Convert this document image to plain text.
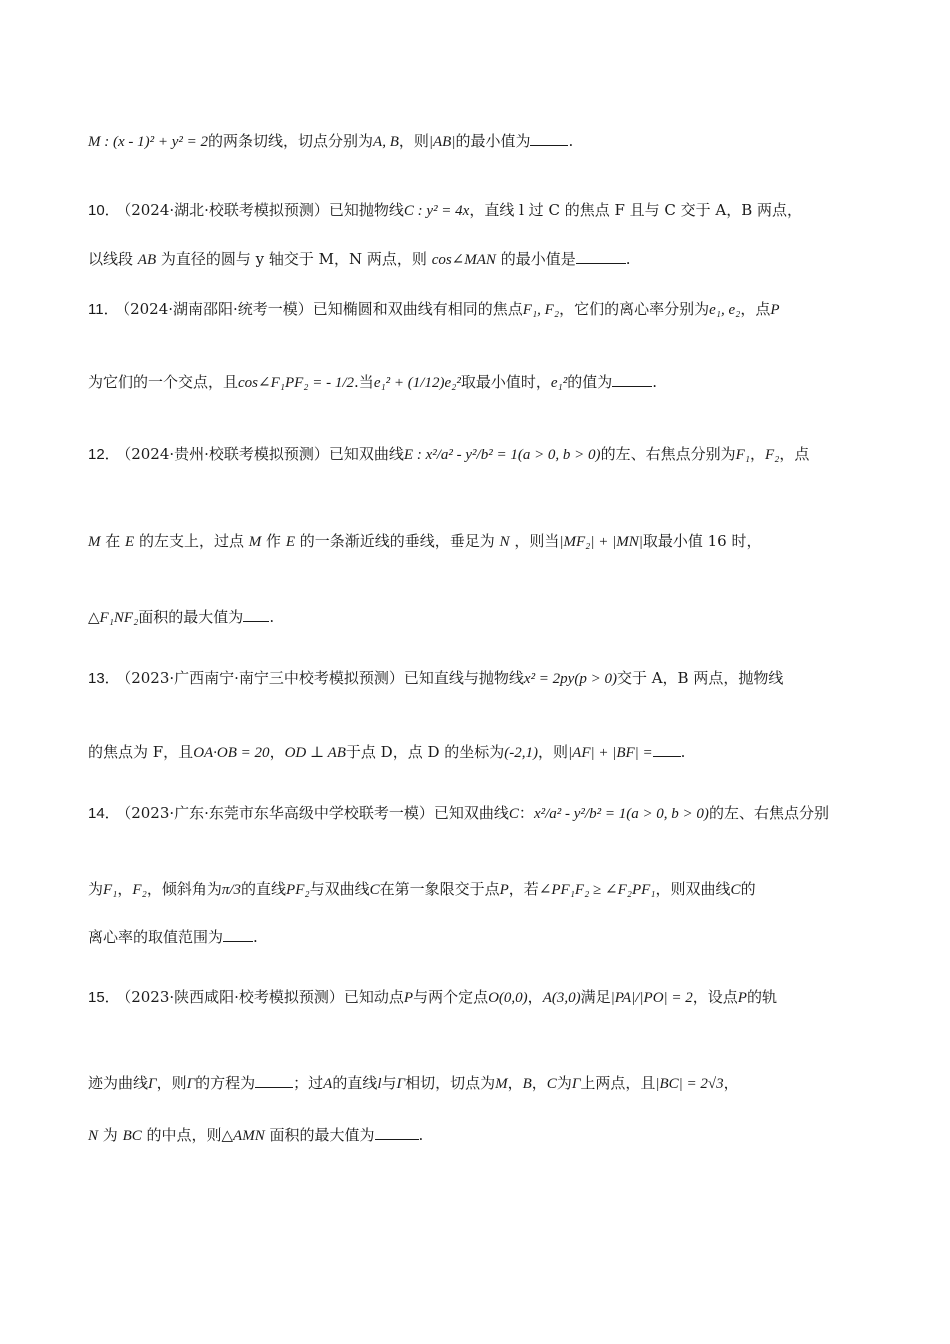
M : (x - 1)² + y² = 2的两条切线，切点分别为A, B，则|AB|的最小值为	.
10． （2024·湖北·校联考模拟预测）已知抛物线C : y² = 4x，直线 l 过 C 的焦点 F 且与 C 交于 A，B 两点，
以线段 AB 为直径的圆与 y 轴交于 M，N 两点，则 cos∠MAN 的最小值是	.
11． （2024·湖南邵阳·统考一模）已知椭圆和双曲线有相同的焦点F₁, F₂，它们的离心率分别为e₁, e₂，点P
为它们的一个交点，且cos∠F₁PF₂ = - 1/2.当e₁² + (1/12)e₂²取最小值时，e₁²的值为	.
12． （2024·贵州·校联考模拟预测）已知双曲线E : x²/a² - y²/b² = 1(a > 0, b > 0)的左、右焦点分别为F₁，F₂，点
M 在 E 的左支上，过点 M 作 E 的一条渐近线的垂线，垂足为 N ，则当|MF₂| + |MN|取最小值 16 时，
△F₁NF₂面积的最大值为 .
13． （2023·广西南宁·南宁三中校考模拟预测）已知直线与抛物线x² = 2py(p > 0)交于 A，B 两点，抛物线
的焦点为 F，且OA·OB = 20，OD ⊥ AB于点 D，点 D 的坐标为(-2,1)，则|AF| + |BF| = .
14． （2023·广东·东莞市东华高级中学校联考一模）已知双曲线C：x²/a² - y²/b² = 1(a > 0, b > 0)的左、右焦点分别
为F₁，F₂，倾斜角为π/3的直线PF₂与双曲线C在第一象限交于点P，若∠PF₁F₂ ≥ ∠F₂PF₁，则双曲线C的
离心率的取值范围为 .
15． （2023·陕西咸阳·校考模拟预测）已知动点P与两个定点O(0,0)，A(3,0)满足|PA|/|PO| = 2，设点P的轨
迹为曲线Γ，则Γ的方程为	；过A的直线l与Γ相切，切点为M，B，C为Γ上两点，且|BC| = 2√3，
N 为 BC 的中点，则△AMN 面积的最大值为	.
